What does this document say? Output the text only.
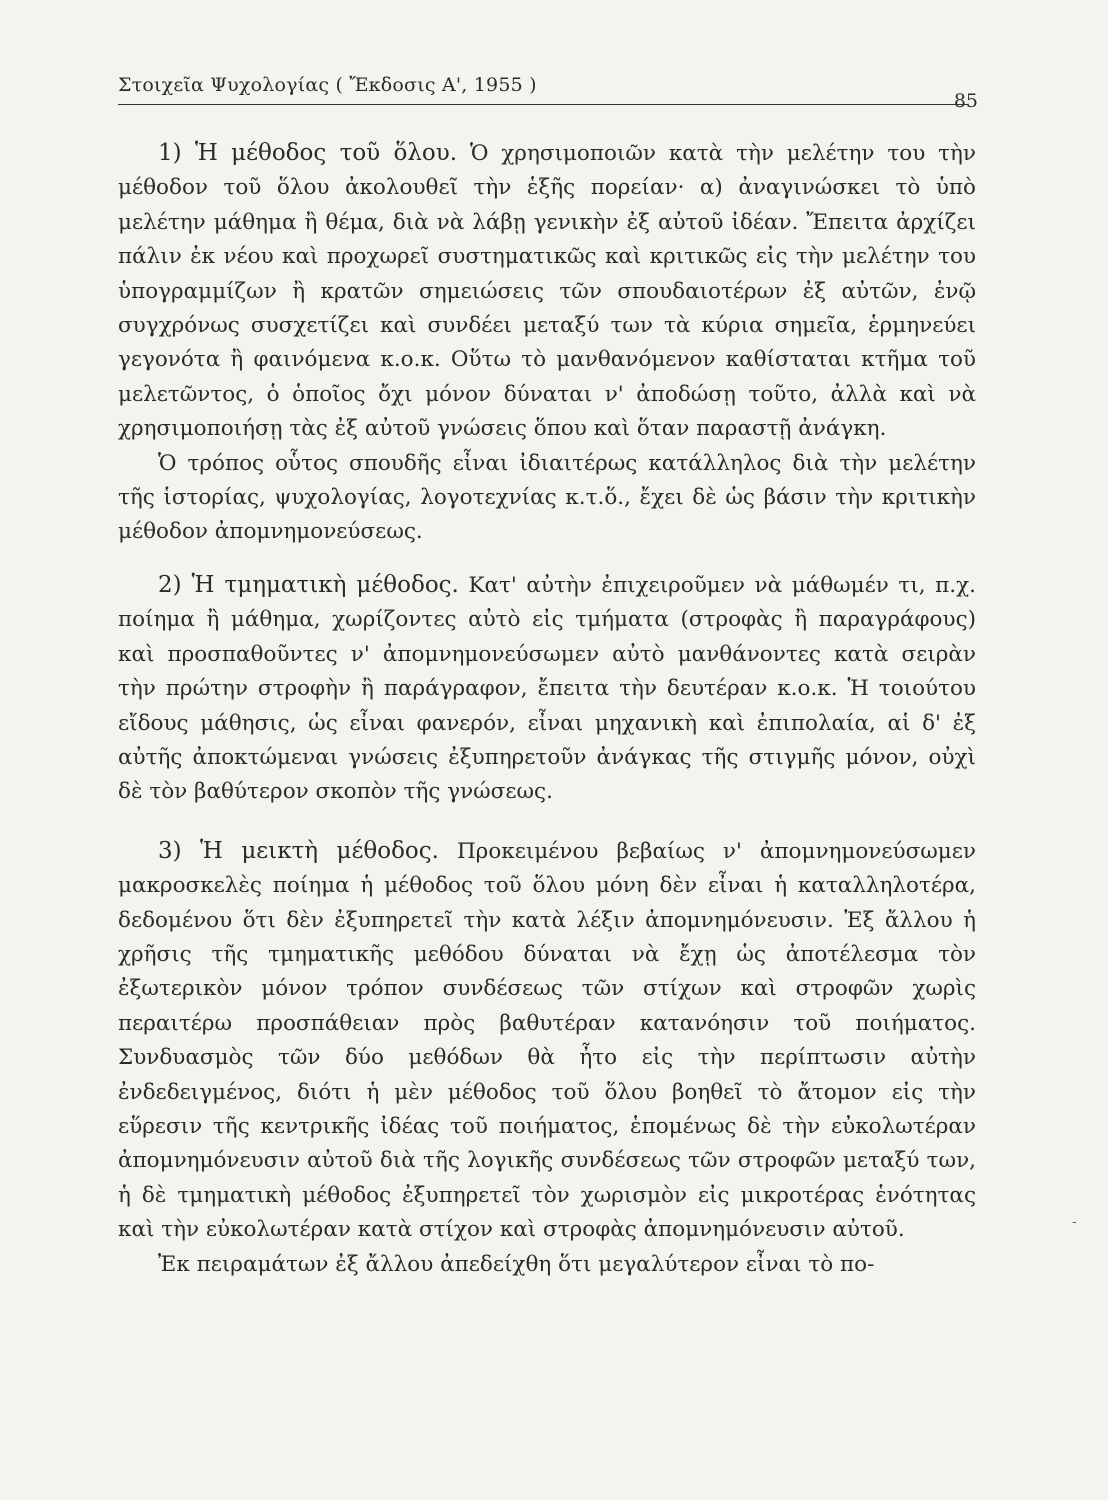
Στοιχεῖα Ψυχολογίας ( Ἔκδοσις Α', 1955 )
85

1) Ἡ μέθοδος τοῦ ὅλου. Ὁ χρησιμοποιῶν κατὰ τὴν μελέτην του τὴν μέθοδον τοῦ ὅλου ἀκολουθεῖ τὴν ἑξῆς πορείαν· α) ἀναγινώσκει τὸ ὑπὸ μελέτην μάθημα ἢ θέμα, διὰ νὰ λάβῃ γενικὴν ἐξ αὐτοῦ ἰδέαν. Ἔπειτα ἀρχίζει πάλιν ἐκ νέου καὶ προχωρεῖ συστηματικῶς καὶ κριτικῶς εἰς τὴν μελέτην του ὑπογραμμίζων ἢ κρατῶν σημειώσεις τῶν σπουδαιοτέρων ἐξ αὐτῶν, ἐνῷ συγχρόνως συσχετίζει καὶ συνδέει μεταξύ των τὰ κύρια σημεῖα, ἑρμηνεύει γεγονότα ἢ φαινόμενα κ.ο.κ. Οὕτω τὸ μανθανόμενον καθίσταται κτῆμα τοῦ μελετῶντος, ὁ ὁποῖος ὄχι μόνον δύναται ν' ἀποδώσῃ τοῦτο, ἀλλὰ καὶ νὰ χρησιμοποιήσῃ τὰς ἐξ αὐτοῦ γνώσεις ὅπου καὶ ὅταν παραστῇ ἀνάγκη.

Ὁ τρόπος οὗτος σπουδῆς εἶναι ἰδιαιτέρως κατάλληλος διὰ τὴν μελέτην τῆς ἱστορίας, ψυχολογίας, λογοτεχνίας κ.τ.ὅ., ἔχει δὲ ὡς βάσιν τὴν κριτικὴν μέθοδον ἀπομνημονεύσεως.

2) Ἡ τμηματικὴ μέθοδος. Κατ' αὐτὴν ἐπιχειροῦμεν νὰ μάθωμέν τι, π.χ. ποίημα ἢ μάθημα, χωρίζοντες αὐτὸ εἰς τμήματα (στροφὰς ἢ παραγράφους) καὶ προσπαθοῦντες ν' ἀπομνημονεύσωμεν αὐτὸ μανθάνοντες κατὰ σειρὰν τὴν πρώτην στροφὴν ἢ παράγραφον, ἔπειτα τὴν δευτέραν κ.ο.κ. Ἡ τοιούτου εἴδους μάθησις, ὡς εἶναι φανερόν, εἶναι μηχανικὴ καὶ ἐπιπολαία, αἱ δ' ἐξ αὐτῆς ἀποκτώμεναι γνώσεις ἐξυπηρετοῦν ἀνάγκας τῆς στιγμῆς μόνον, οὐχὶ δὲ τὸν βαθύτερον σκοπὸν τῆς γνώσεως.

3) Ἡ μεικτὴ μέθοδος. Προκειμένου βεβαίως ν' ἀπομνημονεύσωμεν μακροσκελὲς ποίημα ἡ μέθοδος τοῦ ὅλου μόνη δὲν εἶναι ἡ καταλληλοτέρα, δεδομένου ὅτι δὲν ἐξυπηρετεῖ τὴν κατὰ λέξιν ἀπομνημόνευσιν. Ἐξ ἄλλου ἡ χρῆσις τῆς τμηματικῆς μεθόδου δύναται νὰ ἔχῃ ὡς ἀποτέλεσμα τὸν ἐξωτερικὸν μόνον τρόπον συνδέσεως τῶν στίχων καὶ στροφῶν χωρὶς περαιτέρω προσπάθειαν πρὸς βαθυτέραν κατανόησιν τοῦ ποιήματος. Συνδυασμὸς τῶν δύο μεθόδων θὰ ἦτο εἰς τὴν περίπτωσιν αὐτὴν ἐνδεδειγμένος, διότι ἡ μὲν μέθοδος τοῦ ὅλου βοηθεῖ τὸ ἄτομον εἰς τὴν εὕρεσιν τῆς κεντρικῆς ἰδέας τοῦ ποιήματος, ἑπομένως δὲ τὴν εὐκολωτέραν ἀπομνημόνευσιν αὐτοῦ διὰ τῆς λογικῆς συνδέσεως τῶν στροφῶν μεταξύ των, ἡ δὲ τμηματικὴ μέθοδος ἐξυπηρετεῖ τὸν χωρισμὸν εἰς μικροτέρας ἑνότητας καὶ τὴν εὐκολωτέραν κατὰ στίχον καὶ στροφὰς ἀπομνημόνευσιν αὐτοῦ.

Ἐκ πειραμάτων ἐξ ἄλλου ἀπεδείχθη ὅτι μεγαλύτερον εἶναι τὸ πο-

-
